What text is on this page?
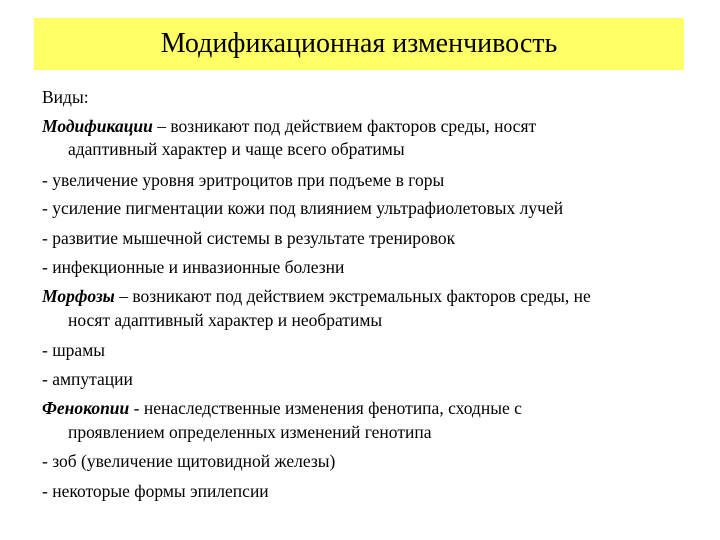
Модификационная изменчивость
Виды:
Модификации – возникают под действием факторов среды, носят
адаптивный характер и чаще всего обратимы
- увеличение уровня эритроцитов при подъеме в горы
- усиление пигментации кожи под влиянием ультрафиолетовых лучей
- развитие мышечной системы в результате тренировок
- инфекционные и инвазионные болезни
Морфозы – возникают под действием экстремальных факторов среды, не
носят адаптивный характер и необратимы
- шрамы
- ампутации
Фенокопии - ненаследственные изменения фенотипа, сходные с
проявлением определенных изменений генотипа
- зоб (увеличение щитовидной железы)
- некоторые формы эпилепсии
